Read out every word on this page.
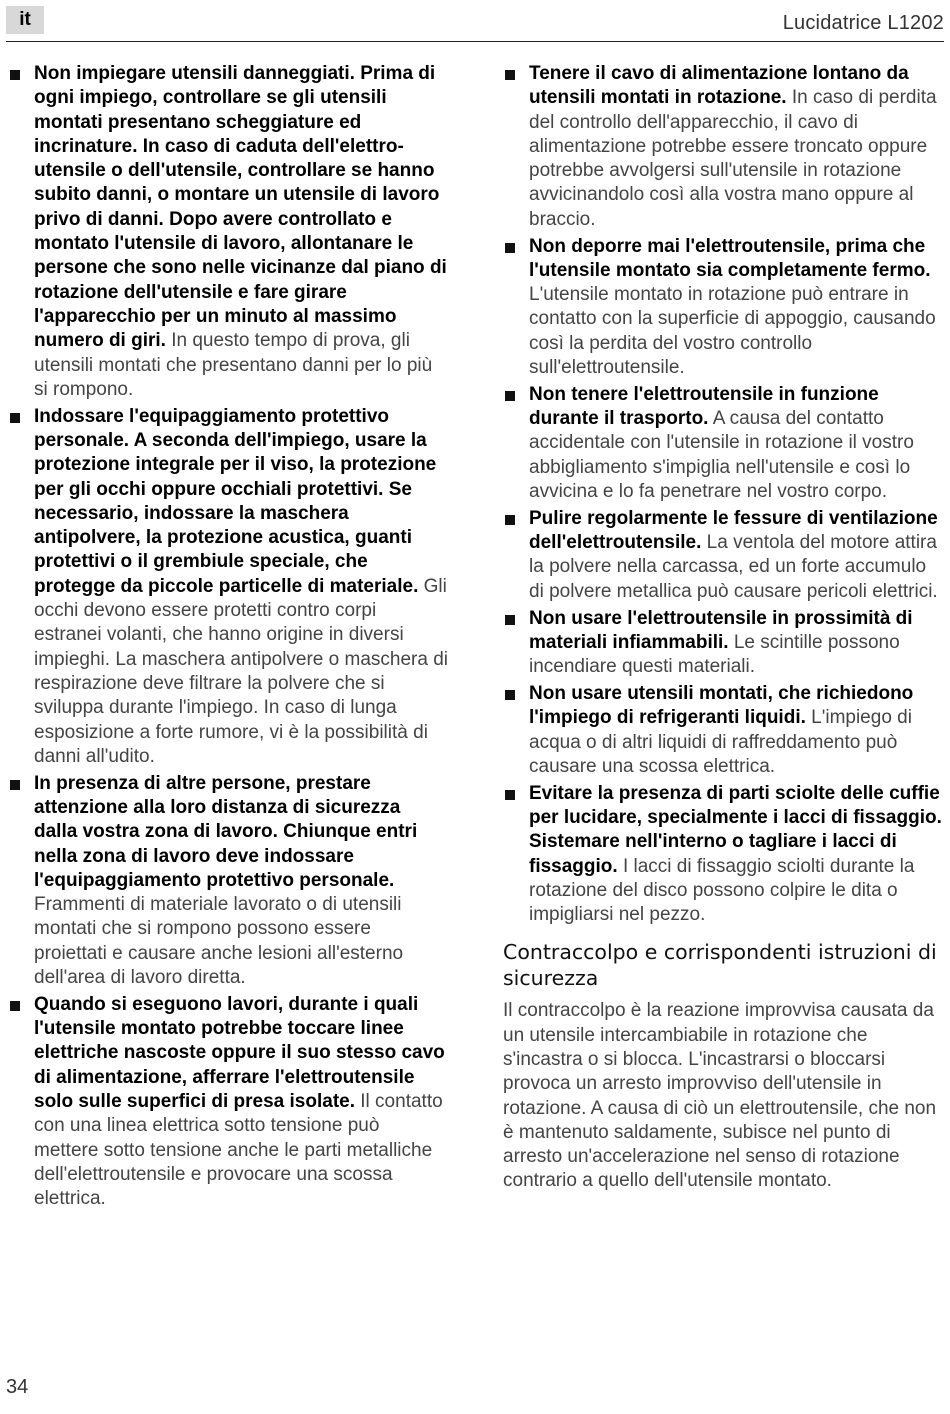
it	Lucidatrice L1202

Non impiegare utensili danneggiati. Prima di ogni impiego, controllare se gli utensili montati presentano scheggiature ed incrinature. In caso di caduta dell'elettroutensile o dell'utensile, controllare se hanno subito danni, o montare un utensile di lavoro privo di danni. Dopo avere controllato e montato l'utensile di lavoro, allontanare le persone che sono nelle vicinanze dal piano di rotazione dell'utensile e fare girare l'apparecchio per un minuto al massimo numero di giri. In questo tempo di prova, gli utensili montati che presentano danni per lo più si rompono.

Indossare l'equipaggiamento protettivo personale. A seconda dell'impiego, usare la protezione integrale per il viso, la protezione per gli occhi oppure occhiali protettivi. Se necessario, indossare la maschera antipolvere, la protezione acustica, guanti protettivi o il grembiule speciale, che protegge da piccole particelle di materiale. Gli occhi devono essere protetti contro corpi estranei volanti, che hanno origine in diversi impieghi. La maschera antipolvere o maschera di respirazione deve filtrare la polvere che si sviluppa durante l'impiego. In caso di lunga esposizione a forte rumore, vi è la possibilità di danni all'udito.

In presenza di altre persone, prestare attenzione alla loro distanza di sicurezza dalla vostra zona di lavoro. Chiunque entri nella zona di lavoro deve indossare l'equipaggiamento protettivo personale. Frammenti di materiale lavorato o di utensili montati che si rompono possono essere proiettati e causare anche lesioni all'esterno dell'area di lavoro diretta.

Quando si eseguono lavori, durante i quali l'utensile montato potrebbe toccare linee elettriche nascoste oppure il suo stesso cavo di alimentazione, afferrare l'elettroutensile solo sulle superfici di presa isolate. Il contatto con una linea elettrica sotto tensione può mettere sotto tensione anche le parti metalliche dell'elettroutensile e provocare una scossa elettrica.

Tenere il cavo di alimentazione lontano da utensili montati in rotazione. In caso di perdita del controllo dell'apparecchio, il cavo di alimentazione potrebbe essere troncato oppure potrebbe avvolgersi sull'utensile in rotazione avvicinandolo così alla vostra mano oppure al braccio.

Non deporre mai l'elettroutensile, prima che l'utensile montato sia completamente fermo. L'utensile montato in rotazione può entrare in contatto con la superficie di appoggio, causando così la perdita del vostro controllo sull'elettroutensile.

Non tenere l'elettroutensile in funzione durante il trasporto. A causa del contatto accidentale con l'utensile in rotazione il vostro abbigliamento s'impiglia nell'utensile e così lo avvicina e lo fa penetrare nel vostro corpo.

Pulire regolarmente le fessure di ventilazione dell'elettroutensile. La ventola del motore attira la polvere nella carcassa, ed un forte accumulo di polvere metallica può causare pericoli elettrici.

Non usare l'elettroutensile in prossimità di materiali infiammabili. Le scintille possono incendiare questi materiali.

Non usare utensili montati, che richiedono l'impiego di refrigeranti liquidi. L'impiego di acqua o di altri liquidi di raffreddamento può causare una scossa elettrica.

Evitare la presenza di parti sciolte delle cuffie per lucidare, specialmente i lacci di fissaggio. Sistemare nell'interno o tagliare i lacci di fissaggio. I lacci di fissaggio sciolti durante la rotazione del disco possono colpire le dita o impigliarsi nel pezzo.

Contraccolpo e corrispondenti istruzioni di sicurezza

Il contraccolpo è la reazione improvvisa causata da un utensile intercambiabile in rotazione che s'incastra o si blocca. L'incastrarsi o bloccarsi provoca un arresto improvviso dell'utensile in rotazione. A causa di ciò un elettroutensile, che non è mantenuto saldamente, subisce nel punto di arresto un'accelerazione nel senso di rotazione contrario a quello dell'utensile montato.

34
